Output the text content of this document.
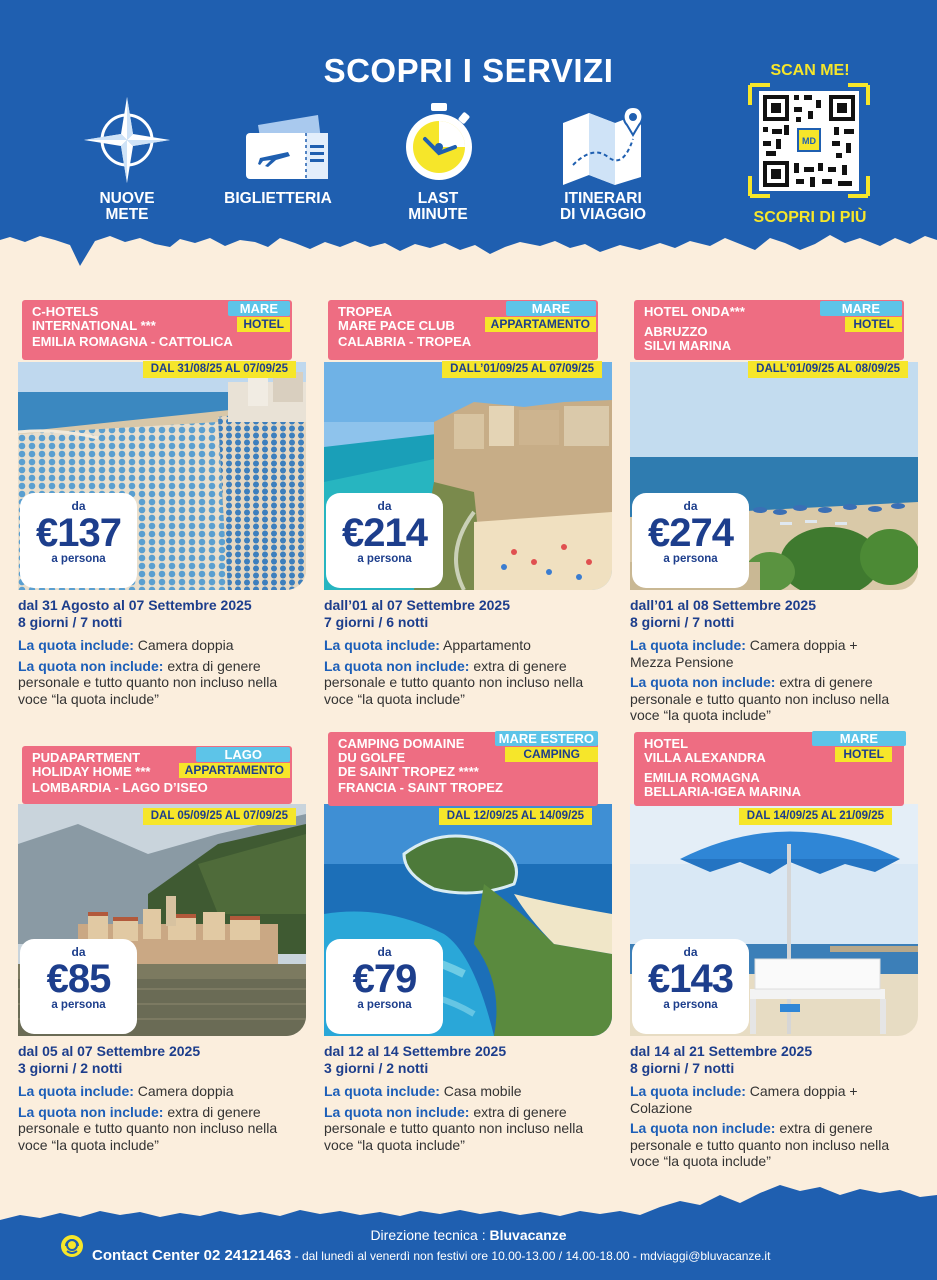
SCOPRI I SERVIZI
NUOVE
METE
BIGLIETTERIA	LAST
MINUTE
ITINERARI
DI VIAGGIO
SCAN ME!
MD
SCOPRI DI PIÙ
C-HOTELS
INTERNATIONAL ***
EMILIA ROMAGNA - CATTOLICA
MARE
HOTEL
DAL 31/08/25 AL 07/09/25
da
€137
a persona
dal 31 Agosto al 07 Settembre 2025
8 giorni / 7 notti
La quota include: Camera doppia
La quota non include: extra di genere personale e tutto quanto non incluso nella voce “la quota include”
TROPEA
MARE PACE CLUB
CALABRIA - TROPEA
MARE
APPARTAMENTO
DALL’01/09/25 AL 07/09/25
da
€214
a persona
dall’01 al 07 Settembre 2025
7 giorni / 6 notti
La quota include: Appartamento
La quota non include: extra di genere personale e tutto quanto non incluso nella voce “la quota include”
HOTEL ONDA***
ABRUZZO
SILVI MARINA
MARE
HOTEL
DALL’01/09/25 AL 08/09/25
da
€274
a persona
dall’01 al 08 Settembre 2025
8 giorni / 7 notti
La quota include: Camera doppia + Mezza Pensione
La quota non include: extra di genere personale e tutto quanto non incluso nella voce “la quota include”
PUDAPARTMENT
HOLIDAY HOME ***
LOMBARDIA - LAGO D’ISEO
LAGO
APPARTAMENTO
DAL 05/09/25 AL 07/09/25
da
€85
a persona
dal 05 al 07 Settembre 2025
3 giorni / 2 notti
La quota include: Camera doppia
La quota non include: extra di genere personale e tutto quanto non incluso nella voce “la quota include”
CAMPING DOMAINE
DU GOLFE
DE SAINT TROPEZ ****
FRANCIA - SAINT TROPEZ
MARE ESTERO
CAMPING
DAL 12/09/25 AL 14/09/25
da
€79
a persona
dal 12 al 14 Settembre 2025
3 giorni / 2 notti
La quota include: Casa mobile
La quota non include: extra di genere personale e tutto quanto non incluso nella voce “la quota include”
HOTEL
VILLA ALEXANDRA
EMILIA ROMAGNA
BELLARIA-IGEA MARINA
MARE
HOTEL
DAL 14/09/25 AL 21/09/25
da
€143
a persona
dal 14 al 21 Settembre 2025
8 giorni / 7 notti
La quota include: Camera doppia + Colazione
La quota non include: extra di genere personale e tutto quanto non incluso nella voce “la quota include”
Direzione tecnica : Bluvacanze
Contact Center 02 24121463 - dal lunedì al venerdì non festivi ore 10.00-13.00 / 14.00-18.00 - mdviaggi@bluvacanze.it
